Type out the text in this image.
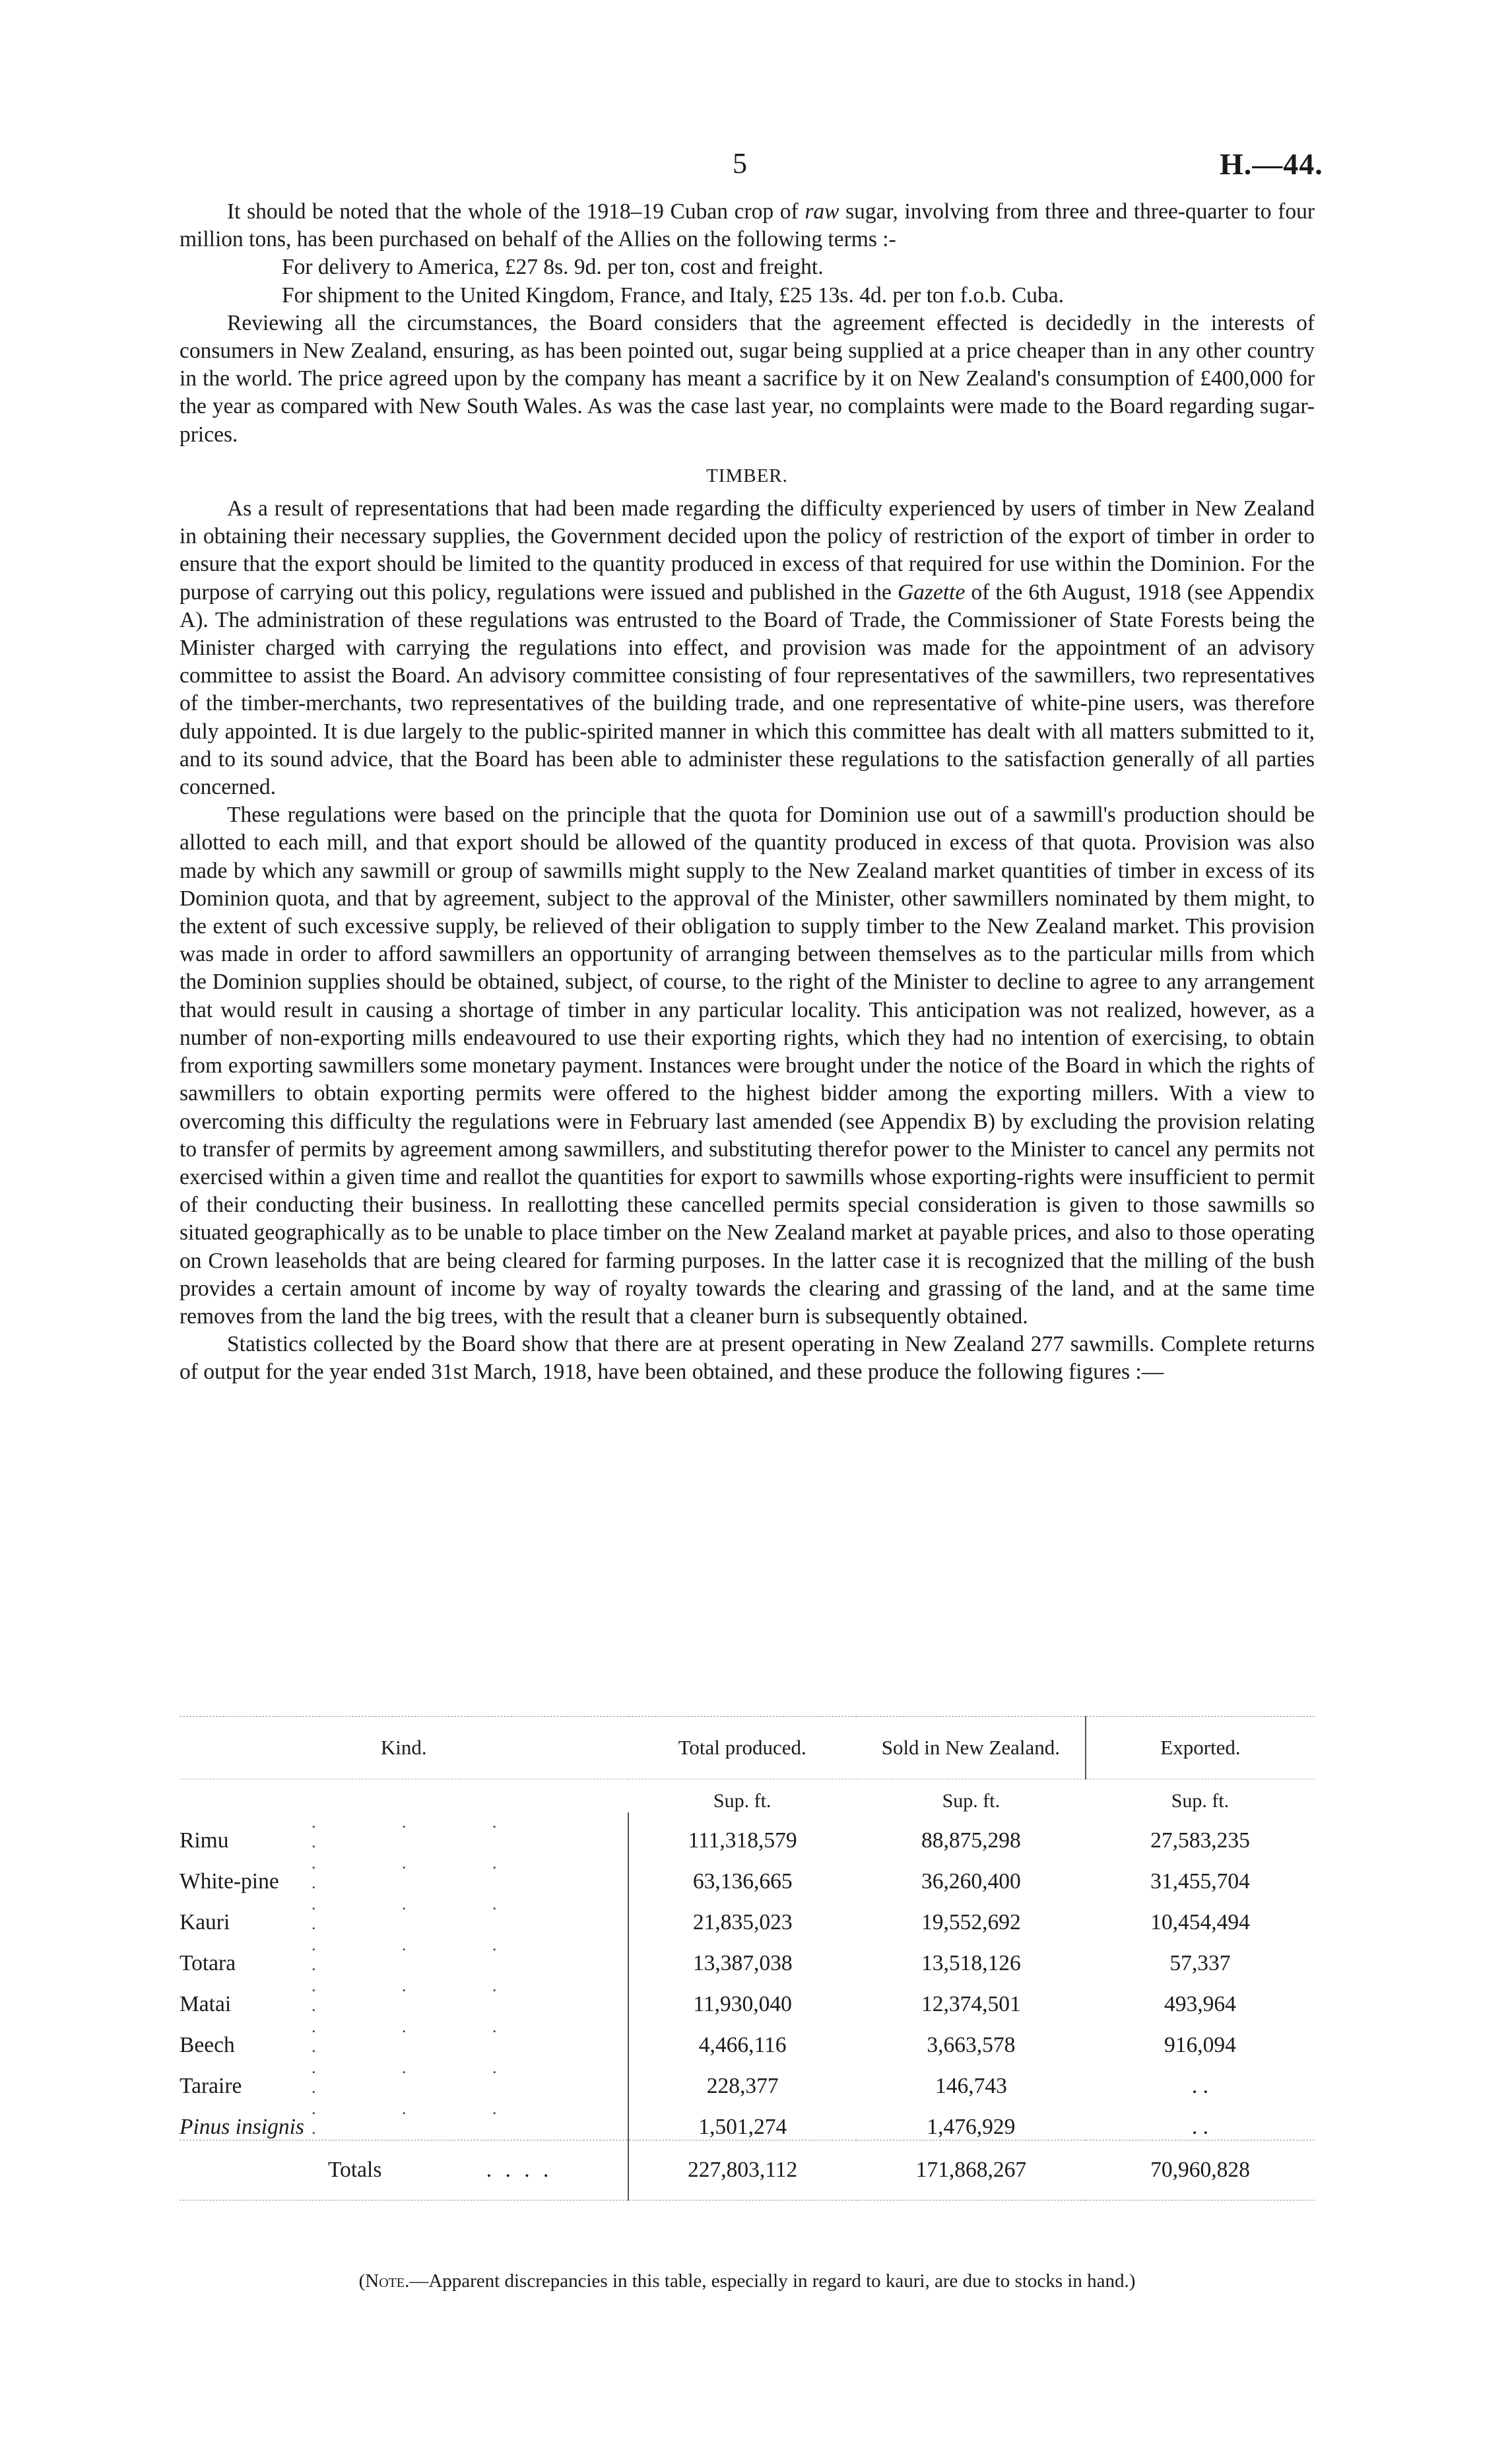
5	H.—44.

It should be noted that the whole of the 1918–19 Cuban crop of raw sugar, involving from three and three-quarter to four million tons, has been purchased on behalf of the Allies on the following terms :-

For delivery to America, £27 8s. 9d. per ton, cost and freight.

For shipment to the United Kingdom, France, and Italy, £25 13s. 4d. per ton f.o.b. Cuba.

Reviewing all the circumstances, the Board considers that the agreement effected is decidedly in the interests of consumers in New Zealand, ensuring, as has been pointed out, sugar being supplied at a price cheaper than in any other country in the world. The price agreed upon by the company has meant a sacrifice by it on New Zealand's consumption of £400,000 for the year as compared with New South Wales. As was the case last year, no complaints were made to the Board regarding sugar-prices.

TIMBER.

As a result of representations that had been made regarding the difficulty experienced by users of timber in New Zealand in obtaining their necessary supplies, the Government decided upon the policy of restriction of the export of timber in order to ensure that the export should be limited to the quantity produced in excess of that required for use within the Dominion. For the purpose of carrying out this policy, regulations were issued and published in the Gazette of the 6th August, 1918 (see Appendix A). The administration of these regulations was entrusted to the Board of Trade, the Commissioner of State Forests being the Minister charged with carrying the regulations into effect, and provision was made for the appointment of an advisory committee to assist the Board. An advisory committee consisting of four representatives of the sawmillers, two representatives of the timber-merchants, two representatives of the building trade, and one representative of white-pine users, was therefore duly appointed. It is due largely to the public-spirited manner in which this committee has dealt with all matters submitted to it, and to its sound advice, that the Board has been able to administer these regulations to the satisfaction generally of all parties concerned.

These regulations were based on the principle that the quota for Dominion use out of a sawmill's production should be allotted to each mill, and that export should be allowed of the quantity produced in excess of that quota. Provision was also made by which any sawmill or group of sawmills might supply to the New Zealand market quantities of timber in excess of its Dominion quota, and that by agreement, subject to the approval of the Minister, other sawmillers nominated by them might, to the extent of such excessive supply, be relieved of their obligation to supply timber to the New Zealand market. This provision was made in order to afford sawmillers an opportunity of arranging between themselves as to the particular mills from which the Dominion supplies should be obtained, subject, of course, to the right of the Minister to decline to agree to any arrangement that would result in causing a shortage of timber in any particular locality. This anticipation was not realized, however, as a number of non-exporting mills endeavoured to use their exporting rights, which they had no intention of exercising, to obtain from exporting sawmillers some monetary payment. Instances were brought under the notice of the Board in which the rights of sawmillers to obtain exporting permits were offered to the highest bidder among the exporting millers. With a view to overcoming this difficulty the regulations were in February last amended (see Appendix B) by excluding the provision relating to transfer of permits by agreement among sawmillers, and substituting therefor power to the Minister to cancel any permits not exercised within a given time and reallot the quantities for export to sawmills whose exporting-rights were insufficient to permit of their conducting their business. In reallotting these cancelled permits special consideration is given to those sawmills so situated geographically as to be unable to place timber on the New Zealand market at payable prices, and also to those operating on Crown leaseholds that are being cleared for farming purposes. In the latter case it is recognized that the milling of the bush provides a certain amount of income by way of royalty towards the clearing and grassing of the land, and at the same time removes from the land the big trees, with the result that a cleaner burn is subsequently obtained.

Statistics collected by the Board show that there are at present operating in New Zealand 277 sawmills. Complete returns of output for the year ended 31st March, 1918, have been obtained, and these produce the following figures :—

Kind.	Total produced.	Sold in New Zealand.	Exported.
	Sup. ft.	Sup. ft.	Sup. ft.
Rimu. . . .	111,318,579	88,875,298	27,583,235
White-pine. . . .	63,136,665	36,260,400	31,455,704
Kauri. . . .	21,835,023	19,552,692	10,454,494
Totara. . . .	13,387,038	13,518,126	57,337
Matai. . . .	11,930,040	12,374,501	493,964
Beech. . . .	4,466,116	3,663,578	916,094
Taraire. . . .	228,377	146,743	. .
Pinus insignis. . . .	1,501,274	1,476,929	. .
Totals . . . .	227,803,112	171,868,267	70,960,828
(Note.—Apparent discrepancies in this table, especially in regard to kauri, are due to stocks in hand.)
